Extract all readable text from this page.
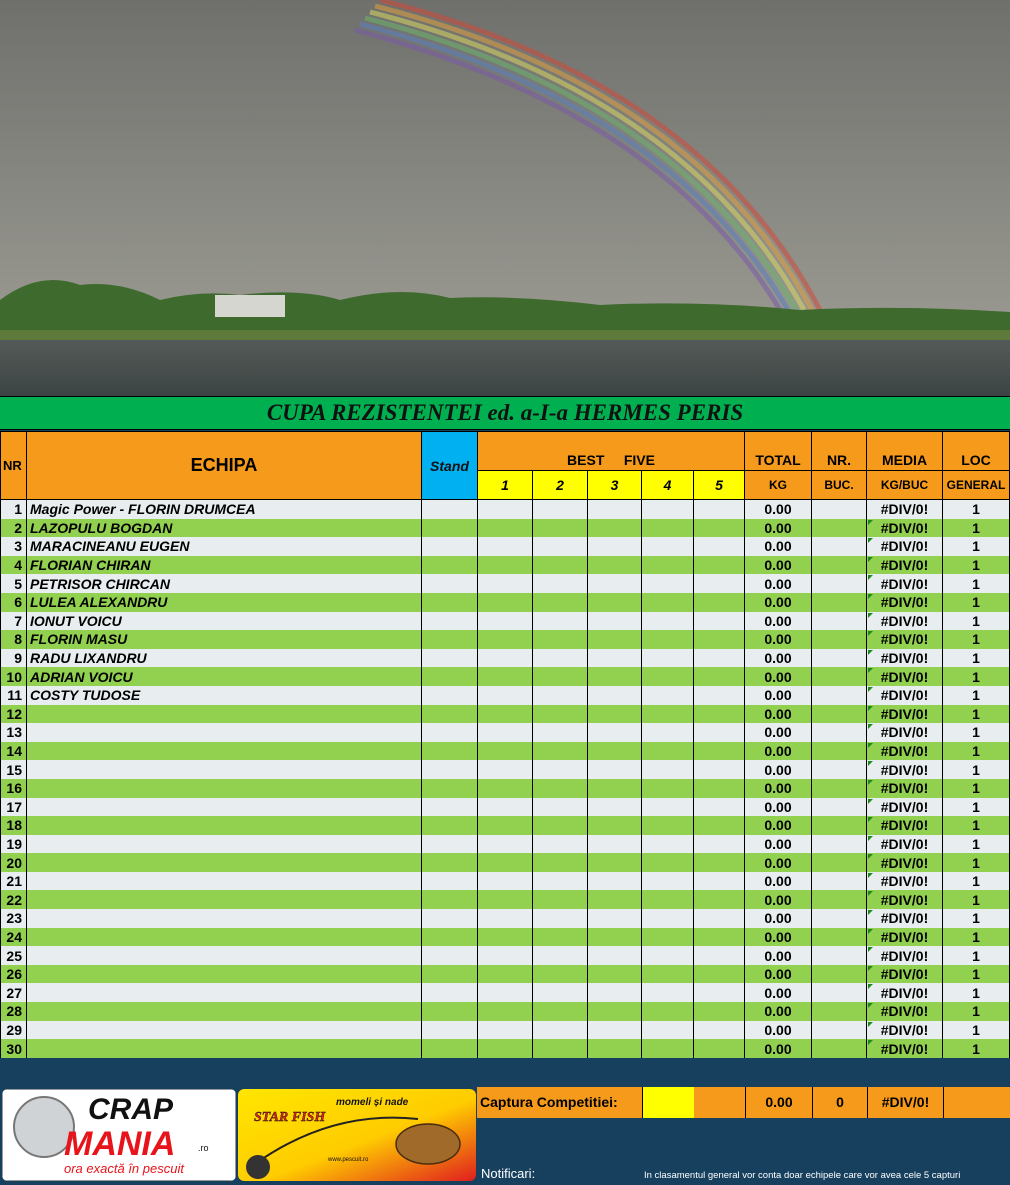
CUPA REZISTENTEI ed. a-I-a HERMES PERIS
NR	ECHIPA	Stand	BEST     FIVE					TOTAL	NR.	MEDIA	LOC
			1	2	3	4	5	KG	BUC.	KG/BUC	GENERAL
1	Magic Power - FLORIN DRUMCEA							0.00		#DIV/0!	1
2	LAZOPULU BOGDAN							0.00		#DIV/0!	1
3	MARACINEANU EUGEN							0.00		#DIV/0!	1
4	FLORIAN CHIRAN							0.00		#DIV/0!	1
5	PETRISOR CHIRCAN							0.00		#DIV/0!	1
6	LULEA ALEXANDRU							0.00		#DIV/0!	1
7	IONUT VOICU							0.00		#DIV/0!	1
8	FLORIN MASU							0.00		#DIV/0!	1
9	RADU LIXANDRU							0.00		#DIV/0!	1
10	ADRIAN VOICU							0.00		#DIV/0!	1
11	COSTY TUDOSE							0.00		#DIV/0!	1
12								0.00		#DIV/0!	1
13								0.00		#DIV/0!	1
14								0.00		#DIV/0!	1
15								0.00		#DIV/0!	1
16								0.00		#DIV/0!	1
17								0.00		#DIV/0!	1
18								0.00		#DIV/0!	1
19								0.00		#DIV/0!	1
20								0.00		#DIV/0!	1
21								0.00		#DIV/0!	1
22								0.00		#DIV/0!	1
23								0.00		#DIV/0!	1
24								0.00		#DIV/0!	1
25								0.00		#DIV/0!	1
26								0.00		#DIV/0!	1
27								0.00		#DIV/0!	1
28								0.00		#DIV/0!	1
29								0.00		#DIV/0!	1
30								0.00		#DIV/0!	1
CRAP
MANIA	.ro
ora exactă în pescuit
momeli și nade
STAR FISH
www.pescuit.ro
Captura Competitiei:	0.00	0	#DIV/0!
Notificari:	In clasamentul general vor conta doar echipele care vor avea cele 5 capturi
